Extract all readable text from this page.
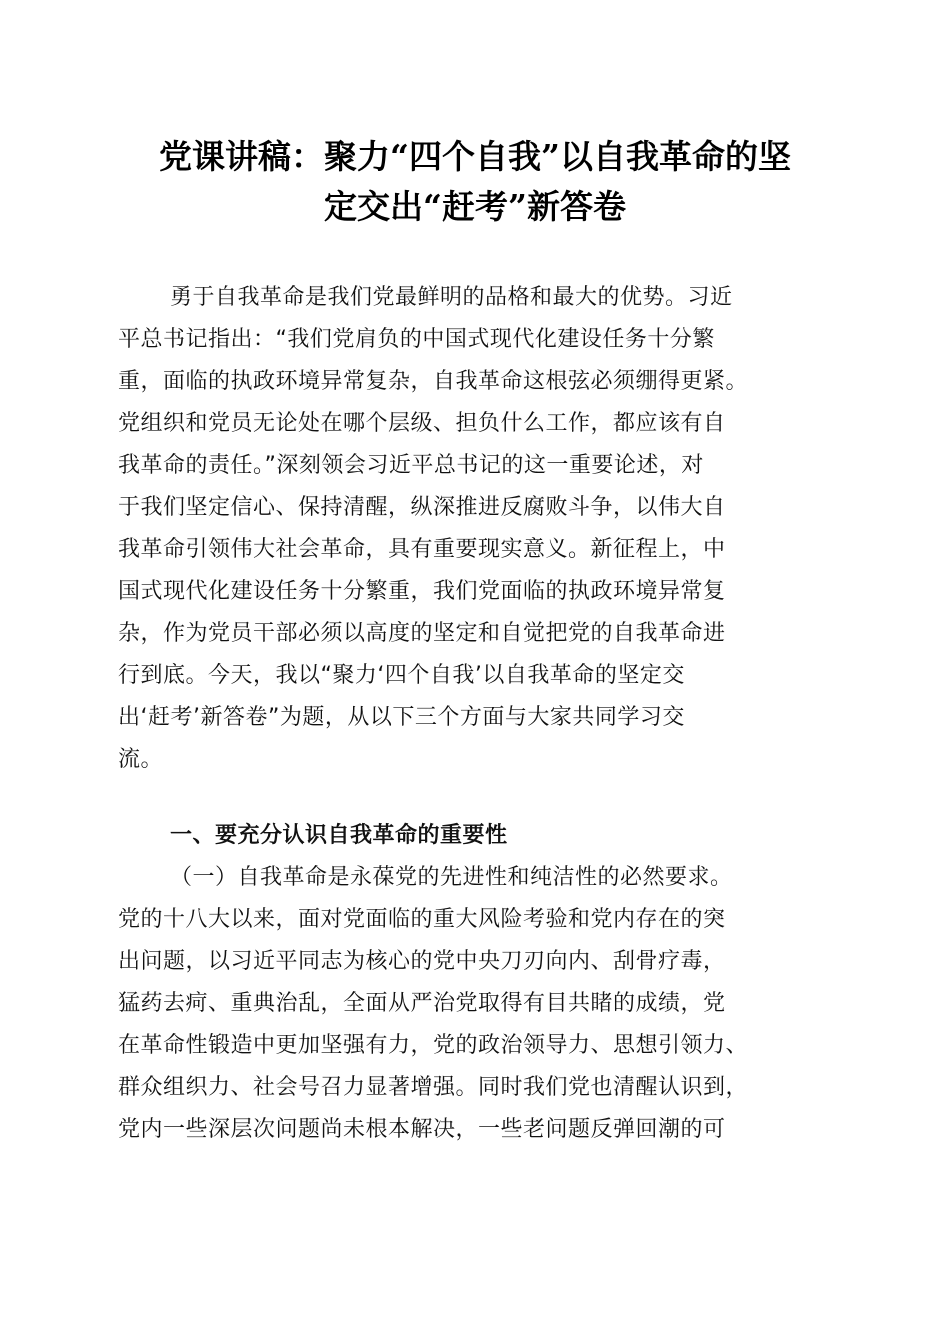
党课讲稿：聚力“四个自我”以自我革命的坚
定交出“赶考”新答卷
勇于自我革命是我们党最鲜明的品格和最大的优势。习近
平总书记指出：“我们党肩负的中国式现代化建设任务十分繁
重，面临的执政环境异常复杂，自我革命这根弦必须绷得更紧。
党组织和党员无论处在哪个层级、担负什么工作，都应该有自
我革命的责任。”深刻领会习近平总书记的这一重要论述，对
于我们坚定信心、保持清醒，纵深推进反腐败斗争，以伟大自
我革命引领伟大社会革命，具有重要现实意义。新征程上，中
国式现代化建设任务十分繁重，我们党面临的执政环境异常复
杂，作为党员干部必须以高度的坚定和自觉把党的自我革命进
行到底。今天，我以“聚力‘四个自我’以自我革命的坚定交
出‘赶考’新答卷”为题，从以下三个方面与大家共同学习交
流。
一、要充分认识自我革命的重要性
（一）自我革命是永葆党的先进性和纯洁性的必然要求。
党的十八大以来，面对党面临的重大风险考验和党内存在的突
出问题，以习近平同志为核心的党中央刀刃向内、刮骨疗毒，
猛药去疴、重典治乱，全面从严治党取得有目共睹的成绩，党
在革命性锻造中更加坚强有力，党的政治领导力、思想引领力、
群众组织力、社会号召力显著增强。同时我们党也清醒认识到，
党内一些深层次问题尚未根本解决，一些老问题反弹回潮的可
